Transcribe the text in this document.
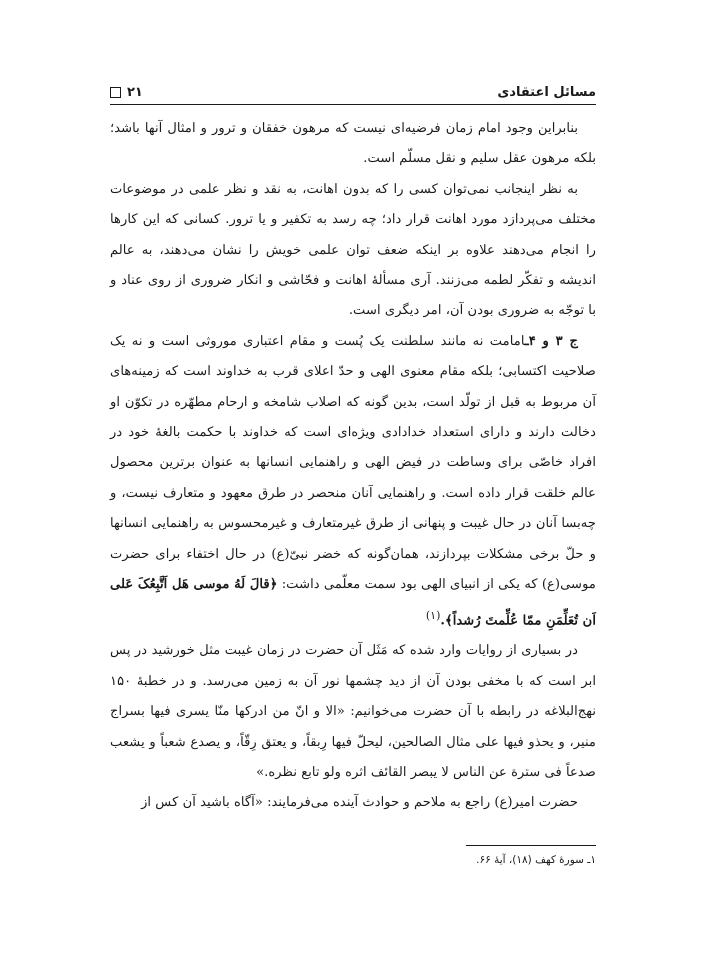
مسائل اعتقادی
۲۱

بنابراین وجود امام زمان فرضیه‌ای نیست که مرهون خفقان و ترور و امثال آنها باشد؛ بلکه مرهون عقل سلیم و نقل مسلّم است.

به نظر اینجانب نمی‌توان کسی را که بدون اهانت، به نقد و نظر علمی در موضوعات مختلف می‌پردازد مورد اهانت قرار داد؛ چه رسد به تکفیر و یا ترور. کسانی که این کارها را انجام می‌دهند علاوه بر اینکه ضعف توان علمی خویش را نشان می‌دهند، به عالم اندیشه و تفکّر لطمه می‌زنند. آری مسألهٔ اهانت و فحّاشی و انکار ضروری از روی عناد و با توجّه به ضروری بودن آن، امر دیگری است.

ج ۳ و ۴ـامامت نه مانند سلطنت یک پُست و مقام اعتباری موروثی است و نه یک صلاحیت اکتسابی؛ بلکه مقام معنوی الهی و حدّ اعلای قرب به خداوند است که زمینه‌های آن مربوط به قبل از تولّد است، بدین گونه که اصلاب شامخه و ارحام مطهّره در تکوّن او دخالت دارند و دارای استعداد خدادادی ویژه‌ای است که خداوند با حکمت بالغهٔ خود در افراد خاصّی برای وساطت در فیض الهی و راهنمایی انسانها به عنوان برترین محصول عالم خلقت قرار داده است. و راهنمایی آنان منحصر در طرق معهود و متعارف نیست، و چه‌بسا آنان در حال غیبت و پنهانی از طرق غیرمتعارف و غیرمحسوس به راهنمایی انسانها و حلّ برخی مشکلات بپردازند، همان‌گونه که خضر نبیّ(ع) در حال اختفاء برای حضرت موسی(ع) که یکی از انبیای الهی بود سمت معلّمی داشت: ﴿قالَ لَهُ موسی هَل اَتَّبِعُکَ عَلی اَن تُعَلِّمَنِ ممّا عُلِّمتَ رُشداً﴾.$^{(۱)}$

در بسیاری از روایات وارد شده که مَثَل آن حضرت در زمان غیبت مثل خورشید در پس ابر است که با مخفی بودن آن از دید چشمها نور آن به زمین می‌رسد. و در خطبهٔ ۱۵۰ نهج‌البلاغه در رابطه با آن حضرت می‌خوانیم: «الا و انّ من ادرکها منّا یسری فیها بسراج منیر، و یحذو فیها علی مثال الصالحین، لیحلّ فیها رِبقاً، و یعتق رِقّاً، و یصدع شعباً و یشعب صدعاً فی سترة عن الناس لا یبصر القائف اثره ولو تابع نظره.»

حضرت امیر(ع) راجع به ملاحم و حوادث آینده می‌فرمایند: «آگاه باشید آن کس از

۱ـ سورهٔ کهف (۱۸)، آیهٔ ۶۶.
